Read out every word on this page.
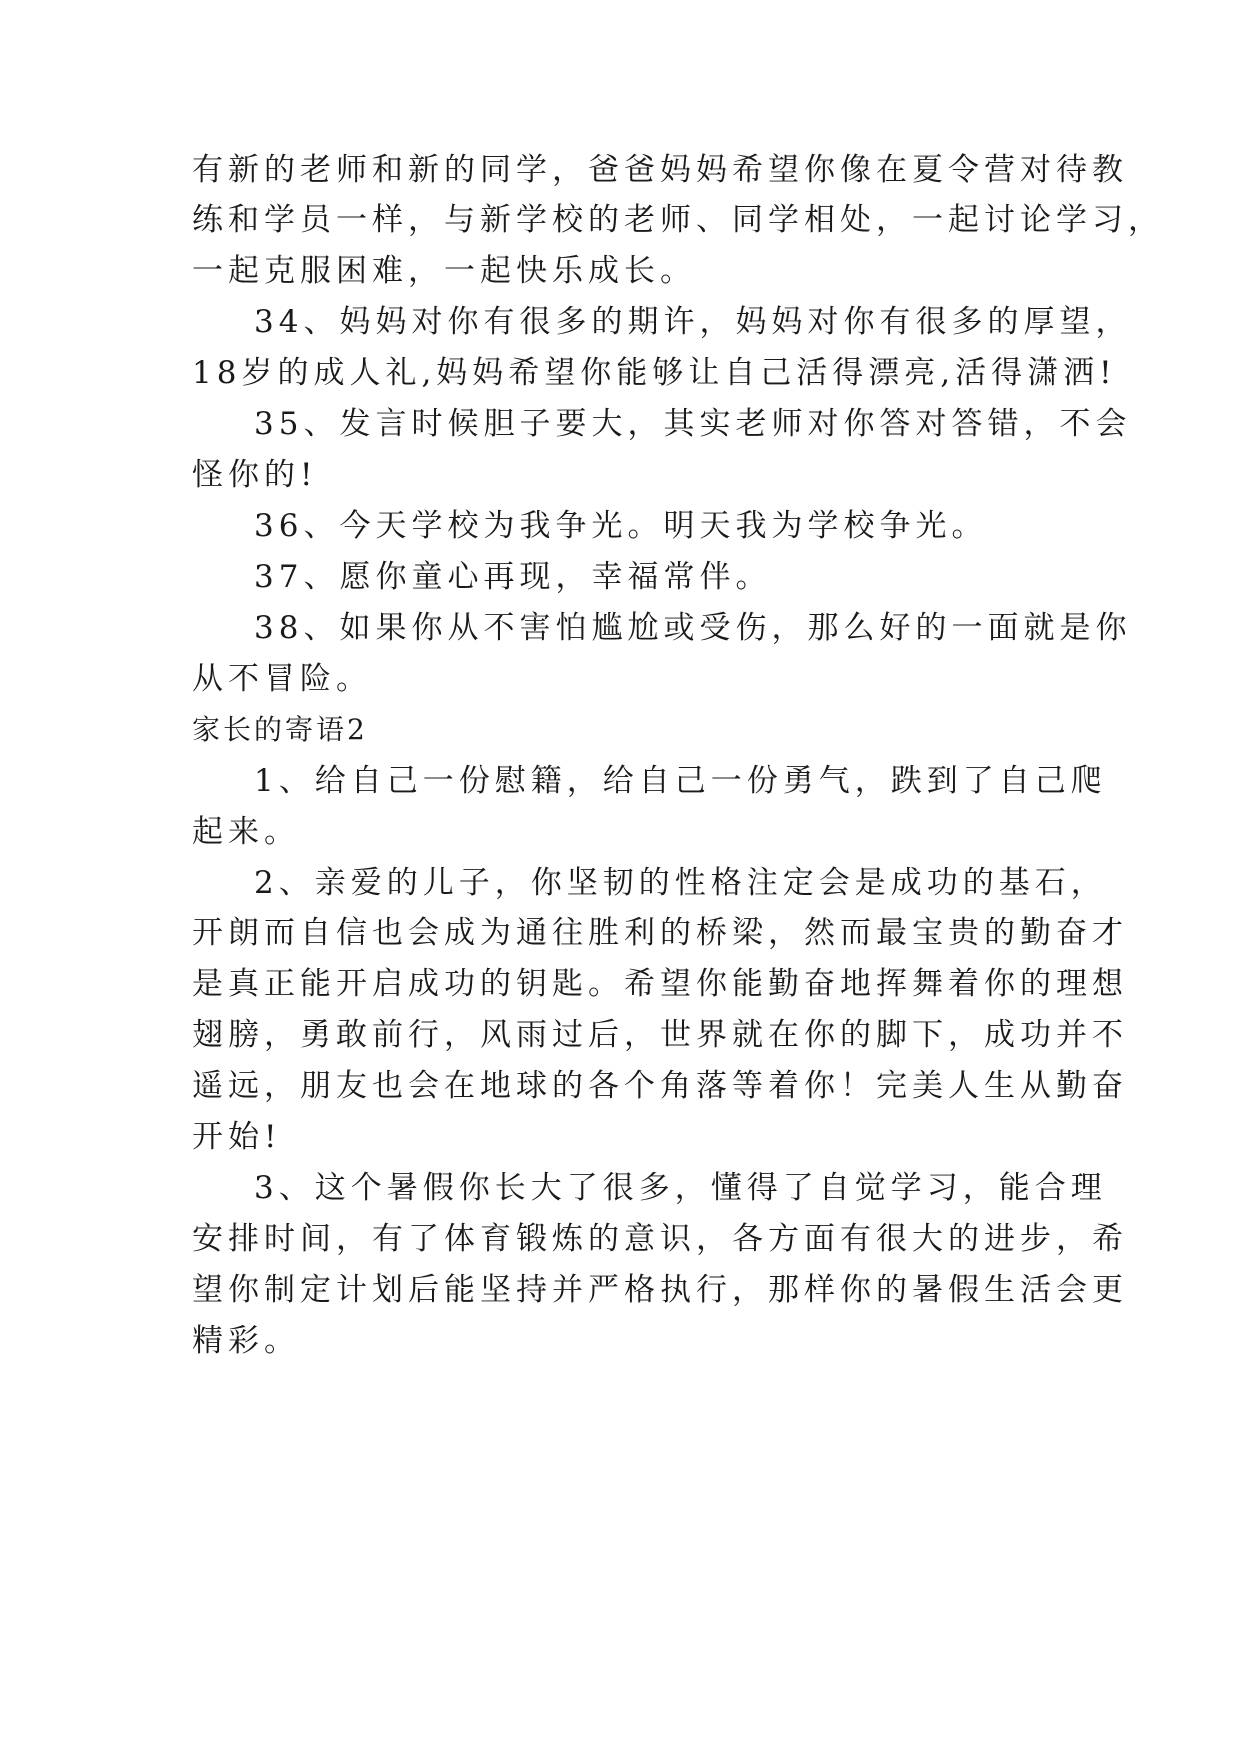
有新的老师和新的同学，爸爸妈妈希望你像在夏令营对待教

练和学员一样，与新学校的老师、同学相处，一起讨论学习，

一起克服困难，一起快乐成长。

34、妈妈对你有很多的期许，妈妈对你有很多的厚望，

18岁的成人礼,妈妈希望你能够让自己活得漂亮,活得潇洒!

35、发言时候胆子要大，其实老师对你答对答错，不会

怪你的!

36、今天学校为我争光。明天我为学校争光。

37、愿你童心再现，幸福常伴。

38、如果你从不害怕尴尬或受伤，那么好的一面就是你

从不冒险。

家长的寄语2

1、给自己一份慰籍，给自己一份勇气，跌到了自己爬

起来。

2、亲爱的儿子，你坚韧的性格注定会是成功的基石，

开朗而自信也会成为通往胜利的桥梁，然而最宝贵的勤奋才

是真正能开启成功的钥匙。希望你能勤奋地挥舞着你的理想

翅膀，勇敢前行，风雨过后，世界就在你的脚下，成功并不

遥远，朋友也会在地球的各个角落等着你！完美人生从勤奋

开始!

3、这个暑假你长大了很多，懂得了自觉学习，能合理

安排时间，有了体育锻炼的意识，各方面有很大的进步，希

望你制定计划后能坚持并严格执行，那样你的暑假生活会更

精彩。
